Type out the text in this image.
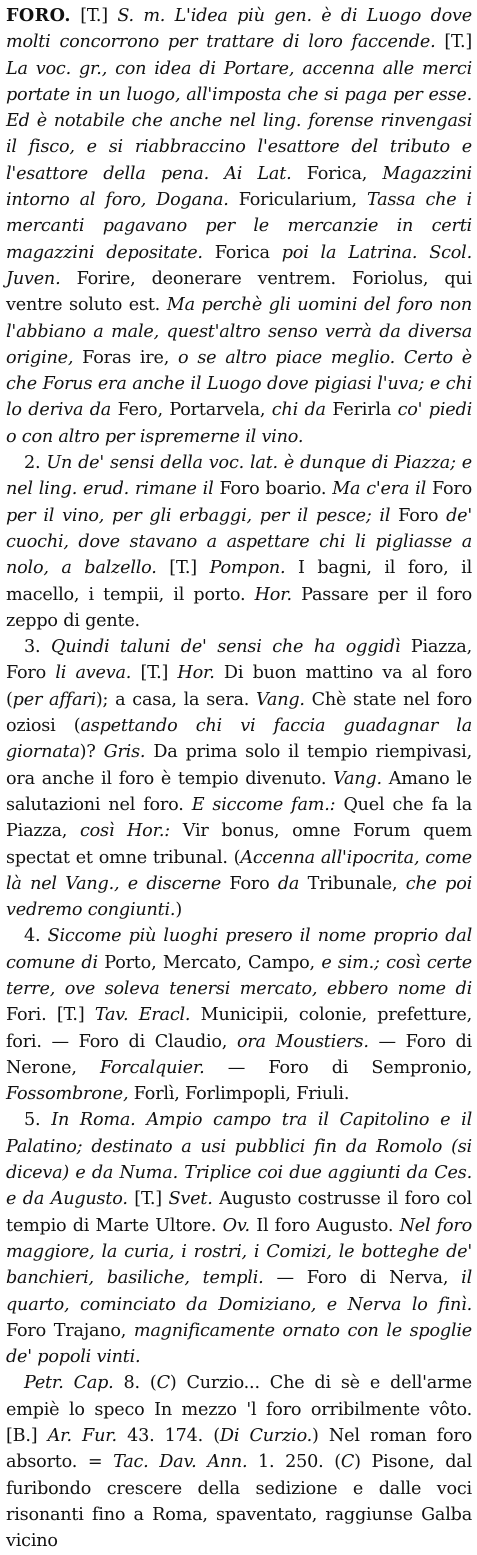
FORO. [T.] S. m. L'idea più gen. è di Luogo dove molti concorrono per trattare di loro faccende. [T.] La voc. gr., con idea di Portare, accenna alle merci portate in un luogo, all'imposta che si paga per esse. Ed è notabile che anche nel ling. forense rinvengasi il fisco, e si riabbraccino l'esattore del tributo e l'esattore della pena. Ai Lat. Forica, Magazzini intorno al foro, Dogana. Foricularium, Tassa che i mercanti pagavano per le mercanzie in certi magazzini depositate. Forica poi la Latrina. Scol. Juven. Forire, deonerare ventrem. Foriolus, qui ventre soluto est. Ma perchè gli uomini del foro non l'abbiano a male, quest'altro senso verrà da diversa origine, Foras ire, o se altro piace meglio. Certo è che Forus era anche il Luogo dove pigiasi l'uva; e chi lo deriva da Fero, Portarvela, chi da Ferirla co' piedi o con altro per ispremerne il vino.

2. Un de' sensi della voc. lat. è dunque di Piazza; e nel ling. erud. rimane il Foro boario. Ma c'era il Foro per il vino, per gli erbaggi, per il pesce; il Foro de' cuochi, dove stavano a aspettare chi li pigliasse a nolo, a balzello. [T.] Pompon. I bagni, il foro, il macello, i tempii, il porto. Hor. Passare per il foro zeppo di gente.

3. Quindi taluni de' sensi che ha oggidì Piazza, Foro li aveva. [T.] Hor. Di buon mattino va al foro (per affari); a casa, la sera. Vang. Chè state nel foro oziosi (aspettando chi vi faccia guadagnar la giornata)? Gris. Da prima solo il tempio riempivasi, ora anche il foro è tempio divenuto. Vang. Amano le salutazioni nel foro. E siccome fam.: Quel che fa la Piazza, così Hor.: Vir bonus, omne Forum quem spectat et omne tribunal. (Accenna all'ipocrita, come là nel Vang., e discerne Foro da Tribunale, che poi vedremo congiunti.)

4. Siccome più luoghi presero il nome proprio dal comune di Porto, Mercato, Campo, e sim.; così certe terre, ove soleva tenersi mercato, ebbero nome di Fori. [T.] Tav. Eracl. Municipii, colonie, prefetture, fori. — Foro di Claudio, ora Moustiers. — Foro di Nerone, Forcalquier. — Foro di Sempronio, Fossombrone, Forlì, Forlimpopli, Friuli.

5. In Roma. Ampio campo tra il Capitolino e il Palatino; destinato a usi pubblici fin da Romolo (si diceva) e da Numa. Triplice coi due aggiunti da Ces. e da Augusto. [T.] Svet. Augusto costrusse il foro col tempio di Marte Ultore. Ov. Il foro Augusto. Nel foro maggiore, la curia, i rostri, i Comizi, le botteghe de' banchieri, basiliche, templi. — Foro di Nerva, il quarto, cominciato da Domiziano, e Nerva lo finì. Foro Trajano, magnificamente ornato con le spoglie de' popoli vinti.

Petr. Cap. 8. (C) Curzio... Che di sè e dell'arme empiè lo speco In mezzo 'l foro orribilmente vôto. [B.] Ar. Fur. 43. 174. (Di Curzio.) Nel roman foro absorto. = Tac. Dav. Ann. 1. 250. (C) Pisone, dal furibondo crescere della sedizione e dalle voci risonanti fino a Roma, spaventato, raggiunse Galba vicino
